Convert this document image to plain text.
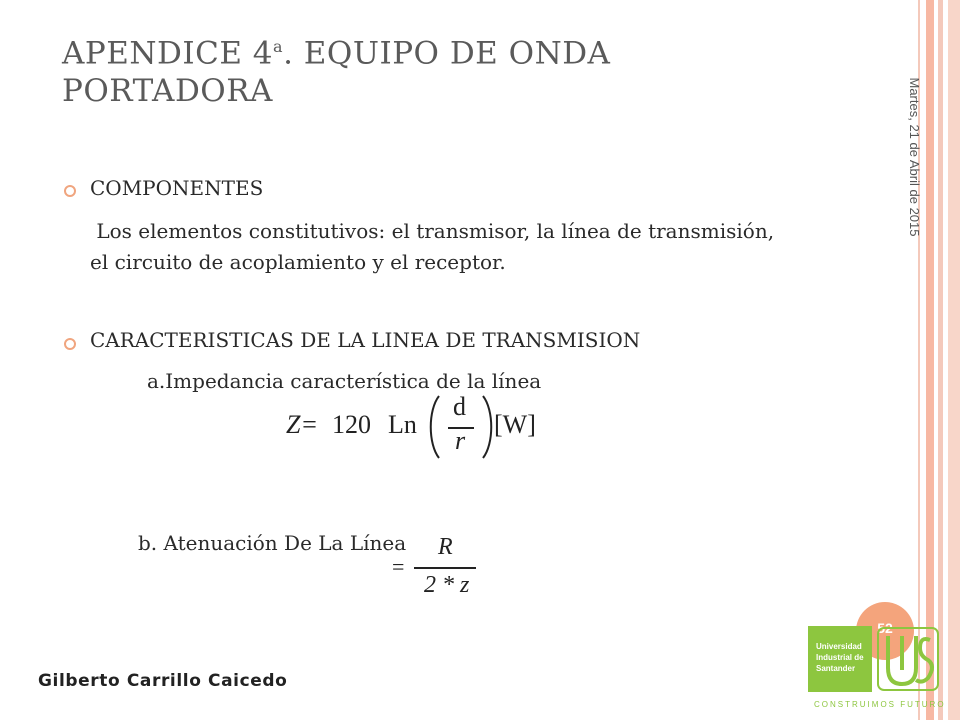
APENDICE 4$^a$. EQUIPO DE ONDA PORTADORA	Martes, 21 de Abril de 2015
COMPONENTES
Los elementos constitutivos: el transmisor, la línea de transmisión, el circuito de acoplamiento y el receptor.
CARACTERISTICAS DE LA LINEA DE TRANSMISION
a.Impedancia característica de la línea
Z= 120 Ln
d
r
[W]
b. Atenuación De La Línea
=
R
2 * z
Gilberto Carrillo Caicedo
52
Universidad
Industrial de
Santander
CONSTRUIMOS FUTURO
